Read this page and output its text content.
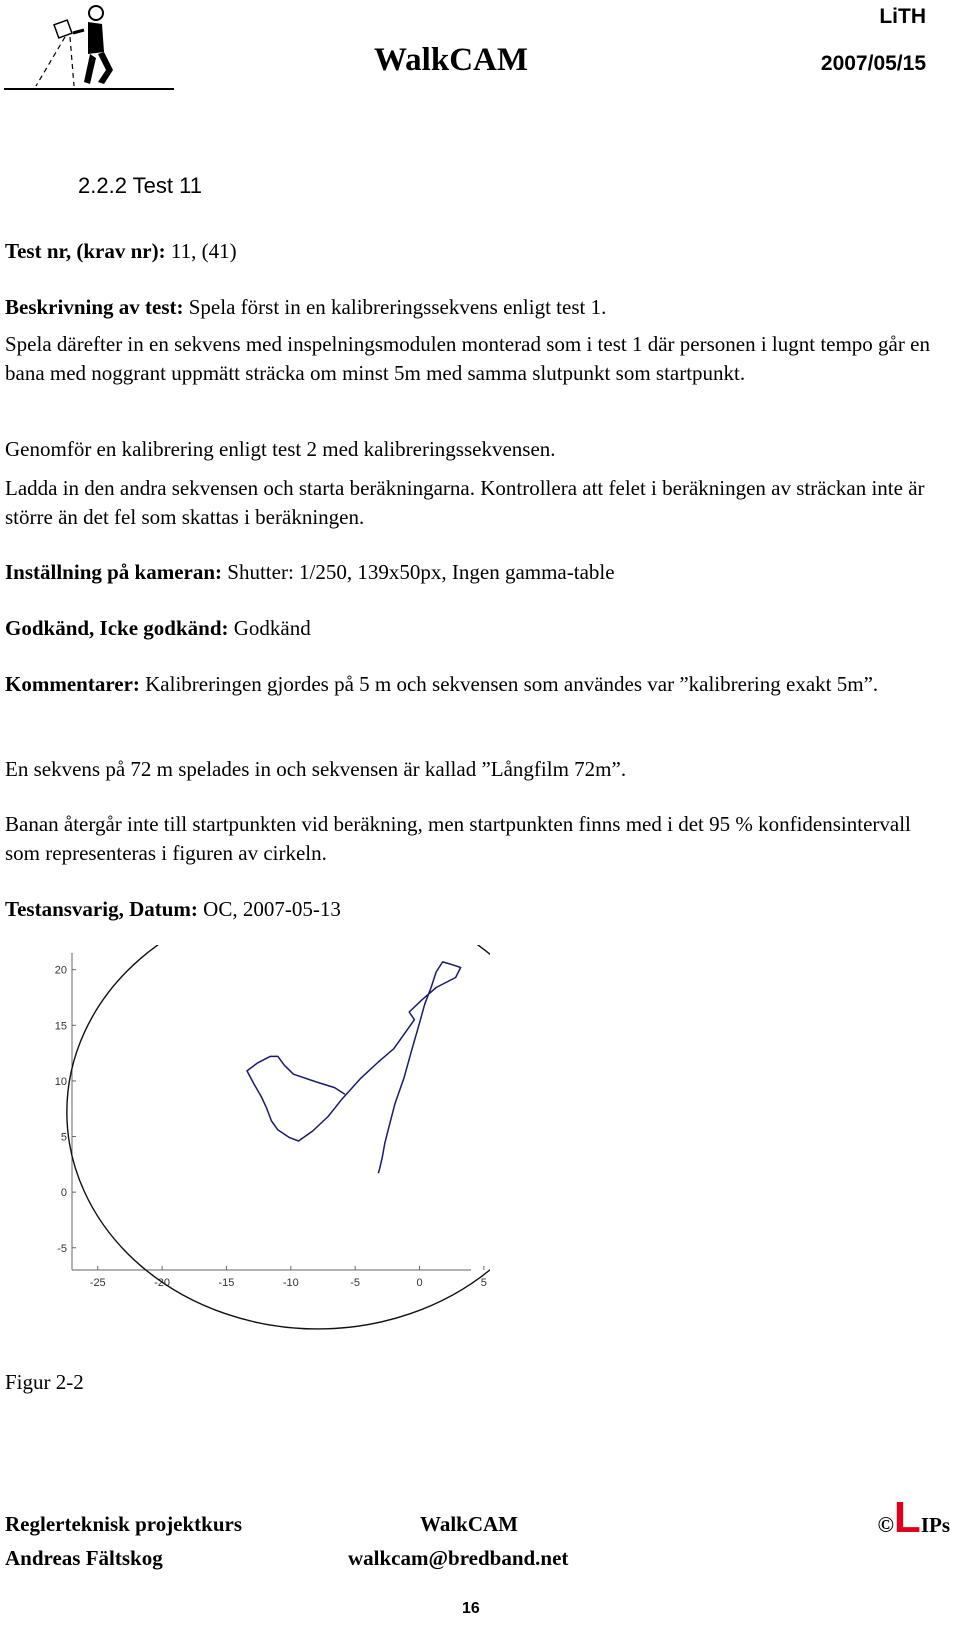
LiTH
WalkCAM	2007/05/15
2.2.2 Test 11
Test nr, (krav nr): 11, (41)
Beskrivning av test: Spela först in en kalibreringssekvens enligt test 1.
Spela därefter in en sekvens med inspelningsmodulen monterad som i test 1 där personen i lugnt tempo går en bana med noggrant uppmätt sträcka om minst 5m med samma slutpunkt som startpunkt.
Genomför en kalibrering enligt test 2 med kalibreringssekvensen.
Ladda in den andra sekvensen och starta beräkningarna. Kontrollera att felet i beräkningen av sträckan inte är större än det fel som skattas i beräkningen.
Inställning på kameran: Shutter: 1/250, 139x50px, Ingen gamma-table
Godkänd, Icke godkänd: Godkänd
Kommentarer: Kalibreringen gjordes på 5 m och sekvensen som användes var ”kalibrering exakt 5m”.
En sekvens på 72 m spelades in och sekvensen är kallad ”Långfilm 72m”.
Banan återgår inte till startpunkten vid beräkning, men startpunkten finns med i det 95 % konfidensintervall som representeras i figuren av cirkeln.
Testansvarig, Datum: OC, 2007-05-13
20
15
10
5
0
-5
-25	-20	-15	-10	-5	0	5
Figur 2-2
Reglerteknisk projektkurs
Andreas Fältskog
WalkCAM
walkcam@bredband.net
©LIPs
16
